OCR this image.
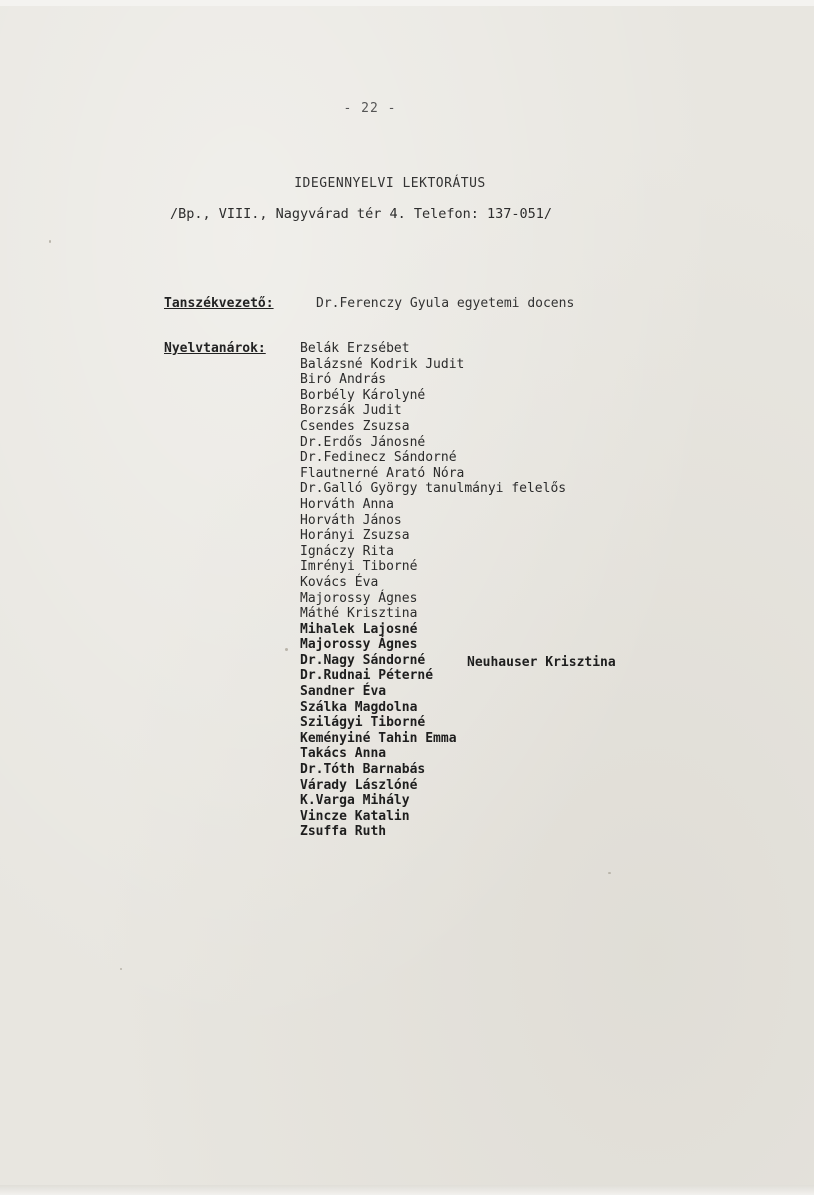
- 22 -
IDEGENNYELVI LEKTORÁTUS
/Bp., VIII., Nagyvárad tér 4. Telefon: 137-051/
Tanszékvezető:	Dr.Ferenczy Gyula egyetemi docens
Nyelvtanárok:	Belák Erzsébet
Balázsné Kodrik Judit
Biró András
Borbély Károlyné
Borzsák Judit
Csendes Zsuzsa
Dr.Erdős Jánosné
Dr.Fedinecz Sándorné
Flautnerné Arató Nóra
Dr.Galló György tanulmányi felelős
Horváth Anna
Horváth János
Horányi Zsuzsa
Ignáczy Rita
Imrényi Tiborné
Kovács Éva
Majorossy Ágnes
Máthé Krisztina
Mihalek Lajosné
Majorossy Ágnes
Dr.Nagy Sándorné
Dr.Rudnai Péterné
Sandner Éva
Szálka Magdolna
Szilágyi Tiborné
Keményiné Tahin Emma
Takács Anna
Dr.Tóth Barnabás
Várady Lászlóné
K.Varga Mihály
Vincze Katalin
Zsuffa Ruth
Neuhauser Krisztina
